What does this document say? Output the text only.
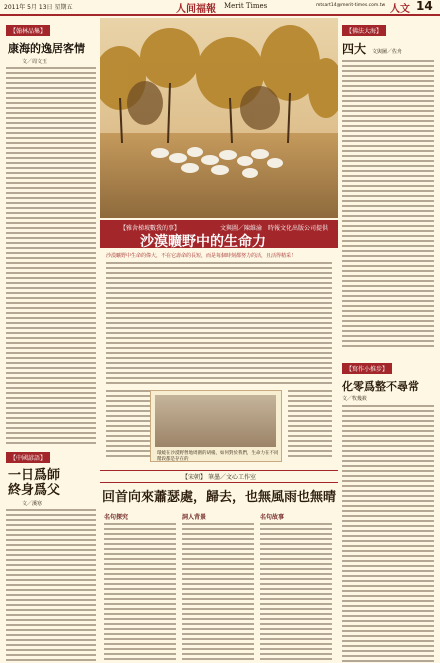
2011年 5月 13日 星期五	人间福報 Merit Times	mtsart14@merit-times.com.tw 人文 14
【翰林品集】
康海的逸居客情
文／周文玉
【中國諺語】
一日爲師
終身爲父
文／溪寒
【雅舍梯坡數我的事】	文與圖／陳維渝　 時報文化出版公司提供
沙漠曠野中的生命力
沙漠曠野中生命的偉大，不在它壽命的長短，而是每個時刻都努力的活，且活得精采！
環繞在沙漠野營地周圍的胡楊，如何對於我們，生命力在不同階段都是存在的
【宋朝】 筆墨／文心工作室
回首向來蕭瑟處，歸去，也無風雨也無晴
名句探究	詞人背景	名句故事
【佛法大海】
四大 文與圖／佐舟
【寫作小推步】
化零爲整不尋常
文／牧幾筱
